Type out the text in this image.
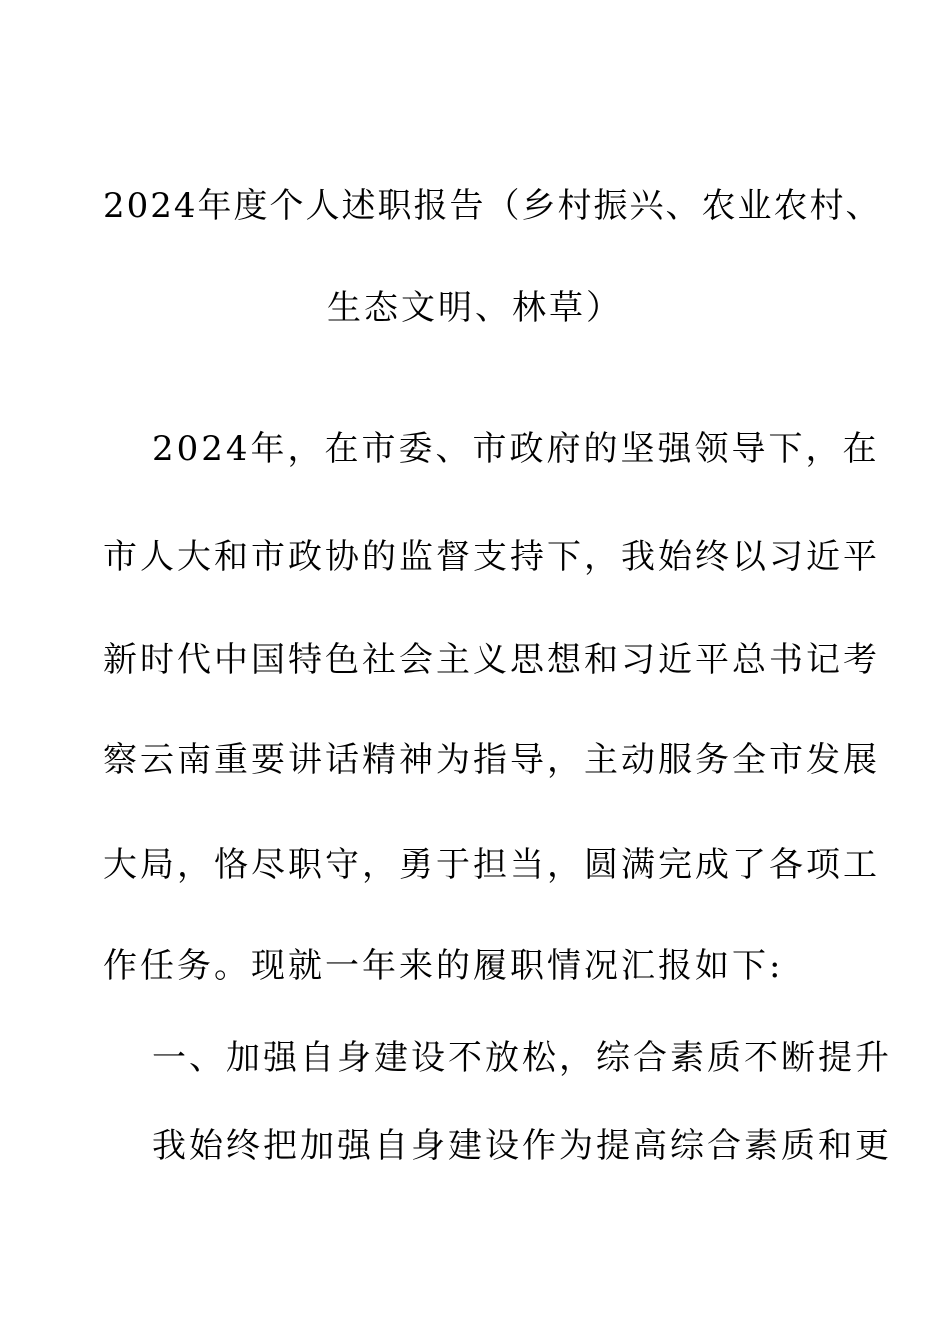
2024年度个人述职报告（乡村振兴、农业农村、
生态文明、林草）
2024年，在市委、市政府的坚强领导下，在
市人大和市政协的监督支持下，我始终以习近平
新时代中国特色社会主义思想和习近平总书记考
察云南重要讲话精神为指导，主动服务全市发展
大局，恪尽职守，勇于担当，圆满完成了各项工
作任务。现就一年来的履职情况汇报如下:
一、加强自身建设不放松，综合素质不断提升
我始终把加强自身建设作为提高综合素质和更
